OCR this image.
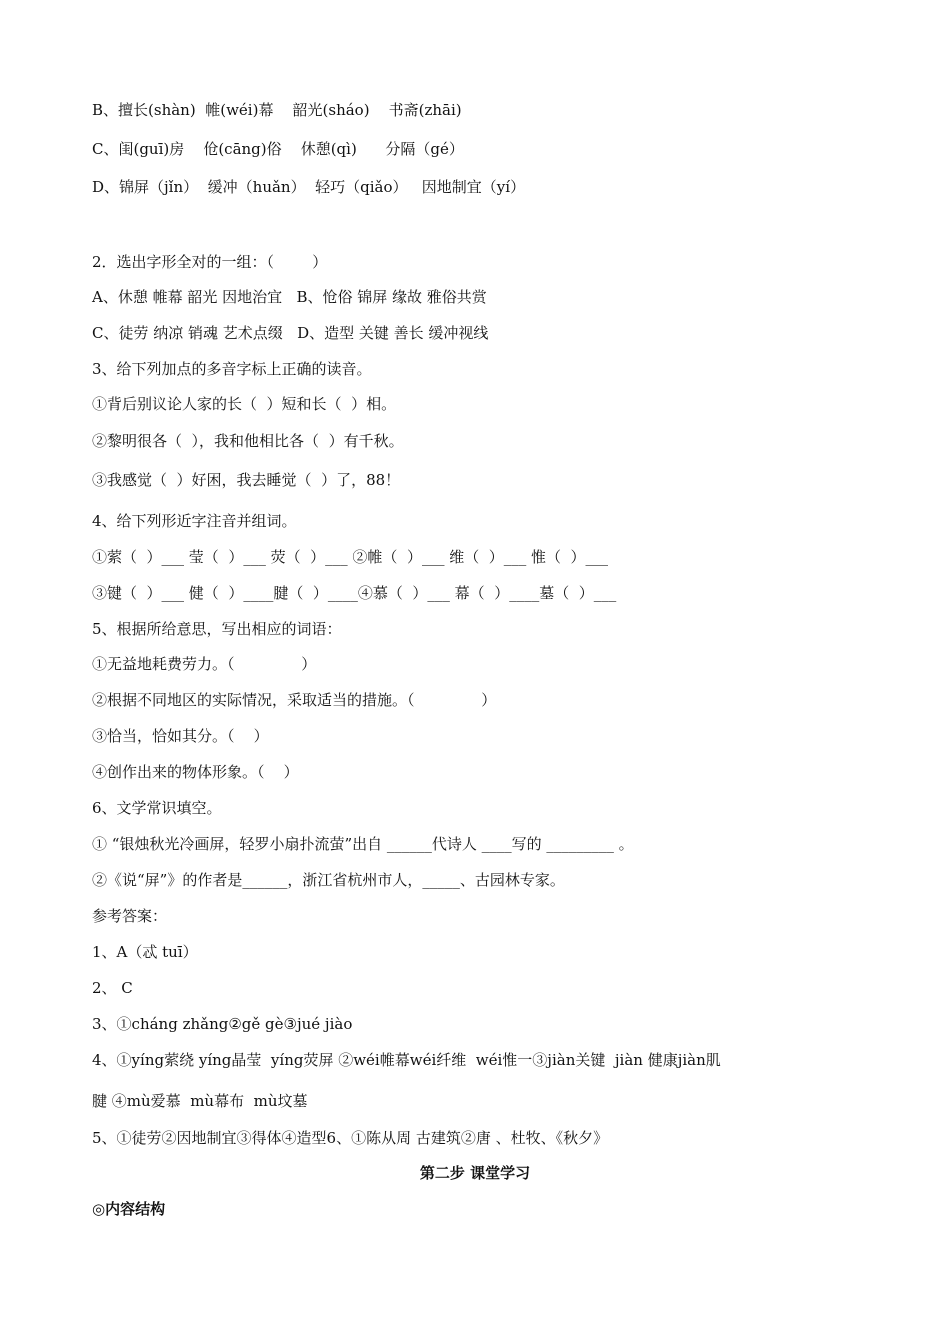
B、擅长(shàn)  帷(wéi)幕    韶光(sháo)    书斋(zhāi)
C、闺(guī)房    伧(cāng)俗    休憩(qì)      分隔（gé）
D、锦屏（jǐn）  缓冲（huǎn）  轻巧（qiǎo）   因地制宜（yí）
2．选出字形全对的一组：（        ）
A、休憩 帷幕 韶光 因地治宜   B、怆俗 锦屏 缘故 雅俗共赏
C、徒劳 纳凉 销魂 艺术点缀   D、造型 关键 善长 缓冲视线
3、给下列加点的多音字标上正确的读音。
①背后别议论人家的长（  ）短和长（  ）相。
②黎明很各（  ），我和他相比各（  ）有千秋。
③我感觉（  ）好困，我去睡觉（  ）了，88！
4、给下列形近字注音并组词。
①萦（  ）___ 莹（  ）___ 荧（  ）___ ②帷（  ）___ 维（  ）___ 惟（  ）___
③键（  ）___ 健（  ）____腱（  ）____④慕（  ）___ 幕（  ）____墓（  ）___
5、根据所给意思，写出相应的词语：
①无益地耗费劳力。（              ）
②根据不同地区的实际情况，采取适当的措施。（              ）
③恰当，恰如其分。（    ）
④创作出来的物体形象。（    ）
6、文学常识填空。
① “银烛秋光冷画屏，轻罗小扇扑流萤”出自 ______代诗人 ____写的 _________ 。
②《说“屏”》的作者是______，浙江省杭州市人，_____、古园林专家。
参考答案：
1、A（忒 tuī）
2、 C
3、①cháng zhǎng②gě gè③jué jiào
4、①yíng萦绕 yíng晶莹  yíng荧屏 ②wéi帷幕wéi纤维  wéi惟一③jiàn关键  jiàn 健康jiàn肌
腱 ④mù爱慕  mù幕布  mù坟墓
5、①徒劳②因地制宜③得体④造型6、①陈从周 古建筑②唐 、杜牧、《秋夕》
第二步 课堂学习
◎内容结构
